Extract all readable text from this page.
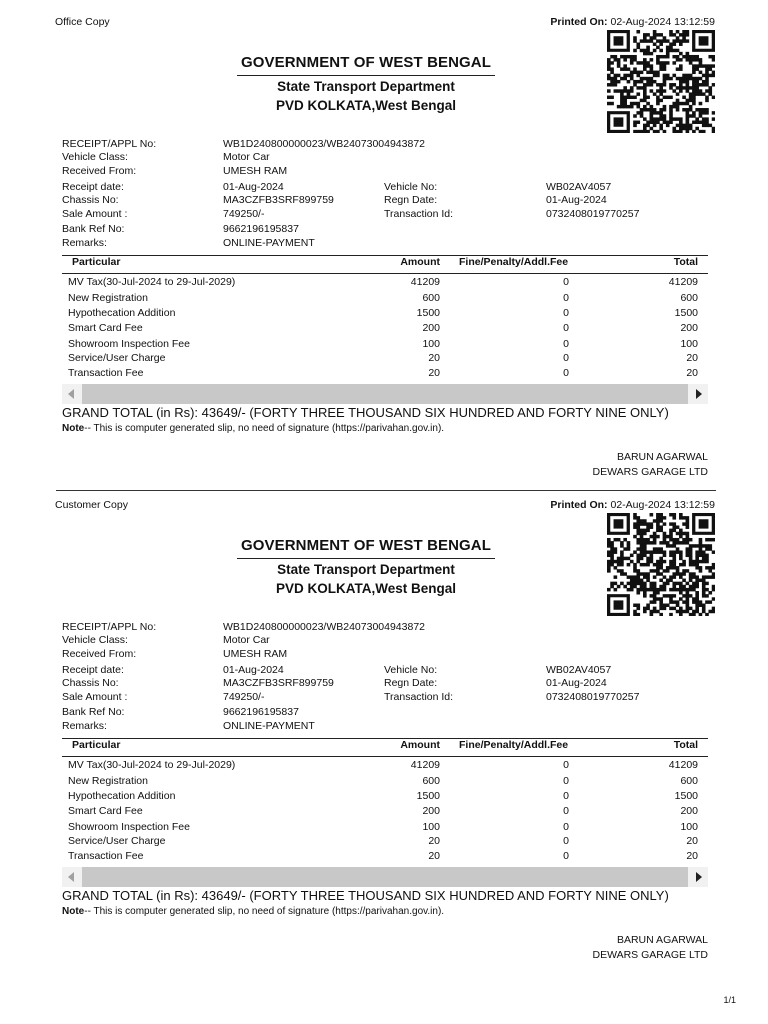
Office Copy	Printed On: 02-Aug-2024 13:12:59
GOVERNMENT OF WEST BENGAL
State Transport Department
PVD KOLKATA,West Bengal
RECEIPT/APPL No:	WB1D240800000023/WB24073004943872
Vehicle Class:	Motor Car
Received From:	UMESH RAM
Receipt date:	01-Aug-2024	Vehicle No:	WB02AV4057
Chassis No:	MA3CZFB3SRF899759	Regn Date:	01-Aug-2024
Sale Amount :	749250/-	Transaction Id:	0732408019770257
Bank Ref No:	9662196195837
Remarks:	ONLINE-PAYMENT
Particular	Amount Fine/Penalty/Addl.Fee	Total
MV Tax(30-Jul-2024 to 29-Jul-2029)	41209	0	41209
New Registration	600	0	600
Hypothecation Addition	1500	0	1500
Smart Card Fee	200	0	200
Showroom Inspection Fee	100	0	100
Service/User Charge	20	0	20
Transaction Fee	20	0	20
GRAND TOTAL (in Rs): 43649/- (FORTY THREE THOUSAND SIX HUNDRED AND FORTY NINE ONLY)
Note-- This is computer generated slip, no need of signature (https://parivahan.gov.in).
BARUN AGARWAL
DEWARS GARAGE LTD
Customer Copy	Printed On: 02-Aug-2024 13:12:59
GOVERNMENT OF WEST BENGAL
State Transport Department
PVD KOLKATA,West Bengal
RECEIPT/APPL No:	WB1D240800000023/WB24073004943872
Vehicle Class:	Motor Car
Received From:	UMESH RAM
Receipt date:	01-Aug-2024	Vehicle No:	WB02AV4057
Chassis No:	MA3CZFB3SRF899759	Regn Date:	01-Aug-2024
Sale Amount :	749250/-	Transaction Id:	0732408019770257
Bank Ref No:	9662196195837
Remarks:	ONLINE-PAYMENT
Particular	Amount Fine/Penalty/Addl.Fee	Total
MV Tax(30-Jul-2024 to 29-Jul-2029)	41209	0	41209
New Registration	600	0	600
Hypothecation Addition	1500	0	1500
Smart Card Fee	200	0	200
Showroom Inspection Fee	100	0	100
Service/User Charge	20	0	20
Transaction Fee	20	0	20
GRAND TOTAL (in Rs): 43649/- (FORTY THREE THOUSAND SIX HUNDRED AND FORTY NINE ONLY)
Note-- This is computer generated slip, no need of signature (https://parivahan.gov.in).
BARUN AGARWAL
DEWARS GARAGE LTD
1/1
